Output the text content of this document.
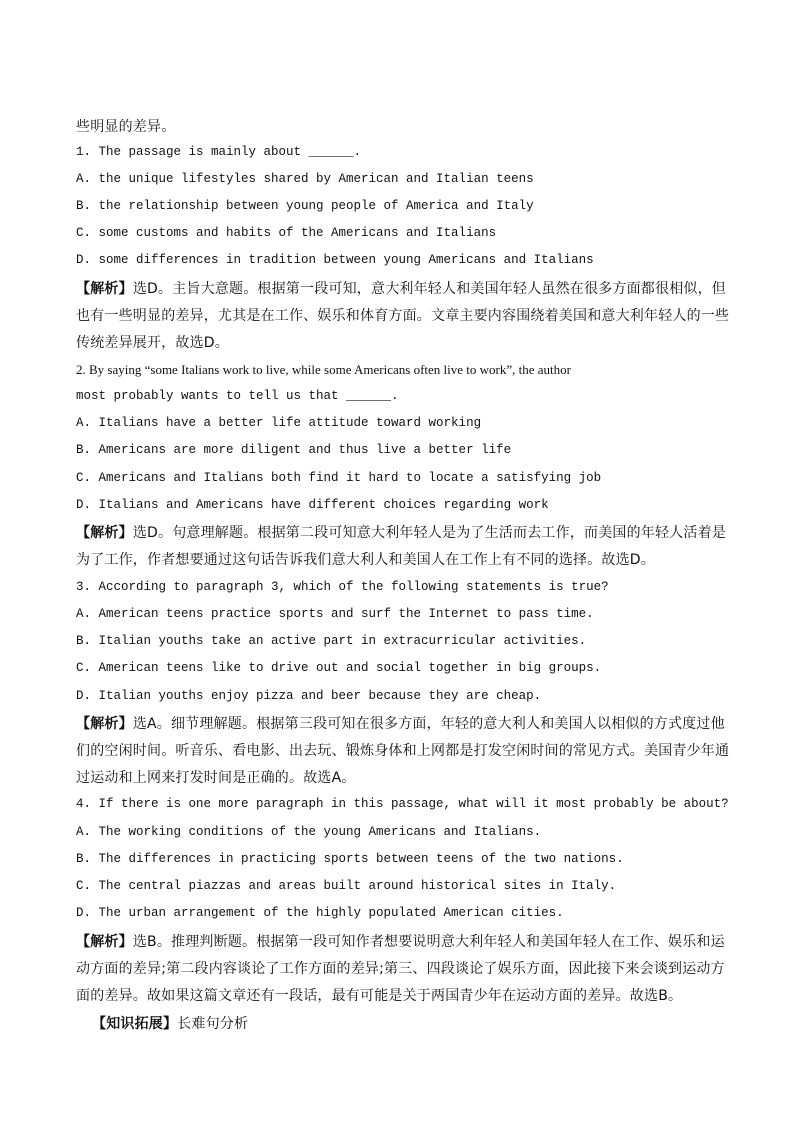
些明显的差异。
1. The passage is mainly about ______.
A. the unique lifestyles shared by American and Italian teens
B. the relationship between young people of America and Italy
C. some customs and habits of the Americans and Italians
D. some differences in tradition between young Americans and Italians
【解析】选D。主旨大意题。根据第一段可知，意大利年轻人和美国年轻人虽然在很多方面都很相似，但
也有一些明显的差异，尤其是在工作、娱乐和体育方面。文章主要内容围绕着美国和意大利年轻人的一些
传统差异展开，故选D。
2. By saying “some Italians work to live, while some Americans often live to work”, the author
most probably wants to tell us that ______.
A. Italians have a better life attitude toward working
B. Americans are more diligent and thus live a better life
C. Americans and Italians both find it hard to locate a satisfying job
D. Italians and Americans have different choices regarding work
【解析】选D。句意理解题。根据第二段可知意大利年轻人是为了生活而去工作，而美国的年轻人活着是
为了工作，作者想要通过这句话告诉我们意大利人和美国人在工作上有不同的选择。故选D。
3. According to paragraph 3, which of the following statements is true?
A. American teens practice sports and surf the Internet to pass time.
B. Italian youths take an active part in extracurricular activities.
C. American teens like to drive out and social together in big groups.
D. Italian youths enjoy pizza and beer because they are cheap.
【解析】选A。细节理解题。根据第三段可知在很多方面，年轻的意大利人和美国人以相似的方式度过他
们的空闲时间。听音乐、看电影、出去玩、锻炼身体和上网都是打发空闲时间的常见方式。美国青少年通
过运动和上网来打发时间是正确的。故选A。
4. If there is one more paragraph in this passage, what will it most probably be about?
A. The working conditions of the young Americans and Italians.
B. The differences in practicing sports between teens of the two nations.
C. The central piazzas and areas built around historical sites in Italy.
D. The urban arrangement of the highly populated American cities.
【解析】选B。推理判断题。根据第一段可知作者想要说明意大利年轻人和美国年轻人在工作、娱乐和运
动方面的差异;第二段内容谈论了工作方面的差异;第三、四段谈论了娱乐方面，因此接下来会谈到运动方
面的差异。故如果这篇文章还有一段话，最有可能是关于两国青少年在运动方面的差异。故选B。
【知识拓展】长难句分析
